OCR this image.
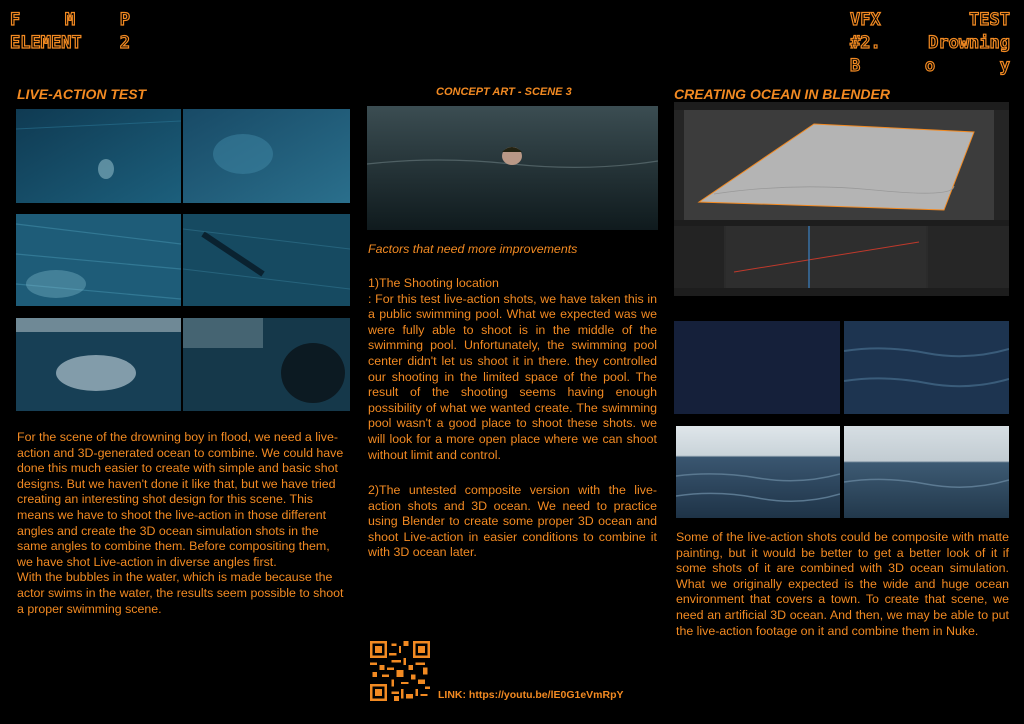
F	M	P
ELEMENT 2
VFX	TEST
#2.	Drowning
B	o	y
LIVE-ACTION TEST
For the scene of the drowning boy in flood, we need a live-action and 3D-generated ocean to combine. We could have done this much easier to create with simple and basic shot designs. But we haven't done it like that, but we have tried creating an interesting shot design for this scene. This means we have to shoot the live-action in those different angles and create the 3D ocean simulation shots in the same angles to combine them. Before compositing them, we have shot Live-action in diverse angles first.
With the bubbles in the water, which is made because the actor swims in the water, the results seem possible to shoot a proper swimming scene.
CONCEPT ART - SCENE 3
Factors that need more improvements
1)The Shooting location
: For this test live-action shots, we have taken this in a public swimming pool. What we expected was we were fully able to shoot is in the middle of the swimming pool. Unfortunately, the swimming pool center didn't let us shoot it in there. they controlled our shooting in the limited space of the pool. The result of the shooting seems having enough possibility of what we wanted create. The swimming pool wasn't a good place to shoot these shots. we will look for a more open place where we can shoot without limit and control.
2)The untested composite version with the live-action shots and 3D ocean. We need to practice using Blender to create some proper 3D ocean and shoot Live-action in easier conditions to combine it with 3D ocean later.
LINK: https://youtu.be/lE0G1eVmRpY
CREATING OCEAN IN BLENDER
Some of the live-action shots could be composite with matte painting, but it would be better to get a better look of it if some shots of it are combined with 3D ocean simulation. What we originally expected is the wide and huge ocean environment that covers a town. To create that scene, we need an artificial 3D ocean. And then, we may be able to put the live-action footage on it and combine them in Nuke.
